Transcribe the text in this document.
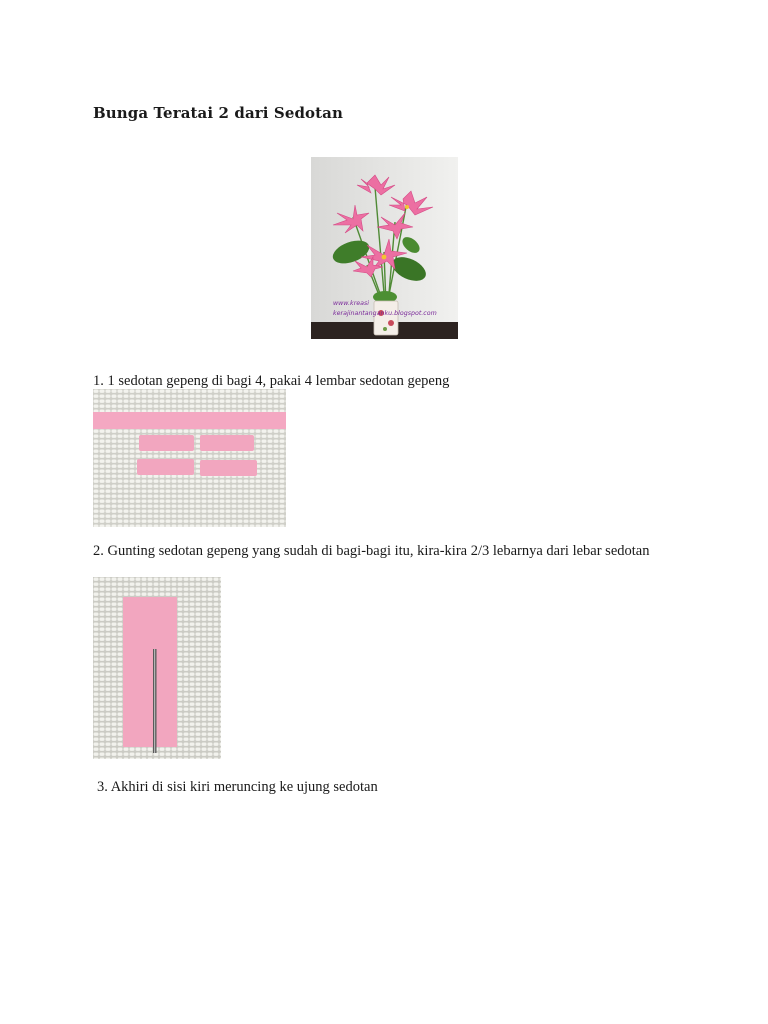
Bunga Teratai 2 dari Sedotan
www.kreasi
kerajinantanganku.blogspot.com
1. 1 sedotan gepeng di bagi 4, pakai 4 lembar sedotan gepeng
2. Gunting sedotan gepeng yang sudah di bagi-bagi itu, kira-kira 2/3 lebarnya dari lebar sedotan
3. Akhiri di sisi kiri meruncing ke ujung sedotan
